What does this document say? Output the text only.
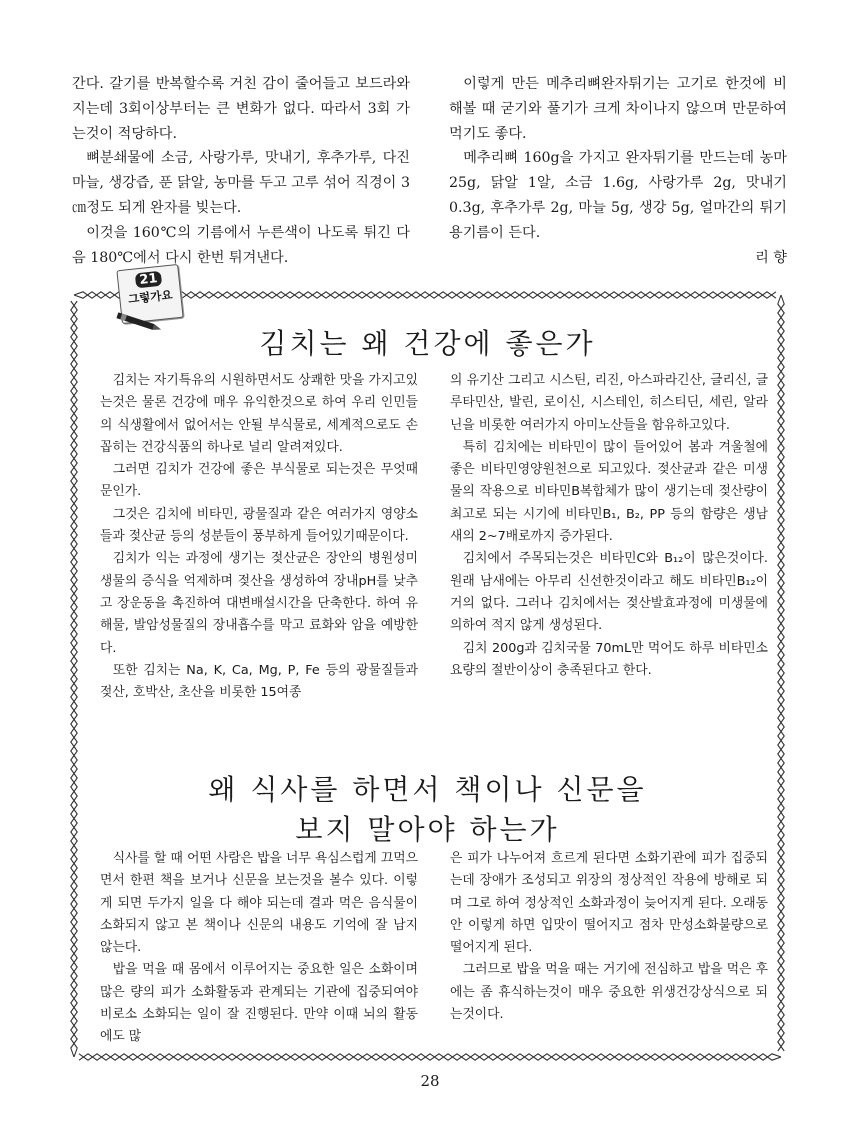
간다. 갈기를 반복할수록 거친 감이 줄어들고 보드라와지는데 3회이상부터는 큰 변화가 없다. 따라서 3회 가는것이 적당하다.

뼈분쇄물에 소금, 사랑가루, 맛내기, 후추가루, 다진 마늘, 생강즙, 푼 닭알, 농마를 두고 고루 섞어 직경이 3㎝정도 되게 완자를 빚는다.

이것을 160℃의 기름에서 누른색이 나도록 튀긴 다음 180℃에서 다시 한번 튀겨낸다.

이렇게 만든 메추리뼈완자튀기는 고기로 한것에 비해볼 때 굳기와 풀기가 크게 차이나지 않으며 만문하여 먹기도 좋다.

메추리뼈 160g을 가지고 완자튀기를 만드는데 농마 25g, 닭알 1알, 소금 1.6g, 사랑가루 2g, 맛내기 0.3g, 후추가루 2g, 마늘 5g, 생강 5g, 얼마간의 튀기용기름이 든다.

리 향

21
그렇가요
김치는 왜 건강에 좋은가

김치는 자기특유의 시원하면서도 상쾌한 맛을 가지고있는것은 물론 건강에 매우 유익한것으로 하여 우리 인민들의 식생활에서 없어서는 안될 부식물로, 세계적으로도 손꼽히는 건강식품의 하나로 널리 알려져있다.

그러면 김치가 건강에 좋은 부식물로 되는것은 무엇때문인가.

그것은 김치에 비타민, 광물질과 같은 여러가지 영양소들과 젖산균 등의 성분들이 풍부하게 들어있기때문이다.

김치가 익는 과정에 생기는 젖산균은 장안의 병원성미생물의 증식을 억제하며 젖산을 생성하여 장내pH를 낮추고 장운동을 촉진하여 대변배설시간을 단축한다. 하여 유해물, 발암성물질의 장내흡수를 막고 료화와 암을 예방한다.

또한 김치는 Na, K, Ca, Mg, P, Fe 등의 광물질들과 젖산, 호박산, 초산을 비롯한 15여종

의 유기산 그리고 시스틴, 리진, 아스파라긴산, 글리신, 글루타민산, 발린, 로이신, 시스테인, 히스티딘, 세린, 알라닌을 비롯한 여러가지 아미노산들을 함유하고있다.

특히 김치에는 비타민이 많이 들어있어 봄과 겨울철에 좋은 비타민영양원천으로 되고있다. 젖산균과 같은 미생물의 작용으로 비타민B복합체가 많이 생기는데 젖산량이 최고로 되는 시기에 비타민B₁, B₂, PP 등의 함량은 생남새의 2~7배로까지 증가된다.

김치에서 주목되는것은 비타민C와 B₁₂이 많은것이다. 원래 남새에는 아무리 신선한것이라고 해도 비타민B₁₂이 거의 없다. 그러나 김치에서는 젖산발효과정에 미생물에 의하여 적지 않게 생성된다.

김치 200g과 김치국물 70mL만 먹어도 하루 비타민소요량의 절반이상이 충족된다고 한다.

왜 식사를 하면서 책이나 신문을
보지 말아야 하는가

식사를 할 때 어떤 사람은 밥을 너무 욕심스럽게 끄먹으면서 한편 책을 보거나 신문을 보는것을 볼수 있다. 이렇게 되면 두가지 일을 다 해야 되는데 결과 먹은 음식물이 소화되지 않고 본 책이나 신문의 내용도 기억에 잘 남지 않는다.

밥을 먹을 때 몸에서 이루어지는 중요한 일은 소화이며 많은 량의 피가 소화활동과 관계되는 기관에 집중되여야 비로소 소화되는 일이 잘 진행된다. 만약 이때 뇌의 활동에도 많

은 피가 나누어져 흐르게 된다면 소화기관에 피가 집중되는데 장애가 조성되고 위장의 정상적인 작용에 방해로 되며 그로 하여 정상적인 소화과정이 늦어지게 된다. 오래동안 이렇게 하면 입맛이 떨어지고 점차 만성소화불량으로 떨어지게 된다.

그러므로 밥을 먹을 때는 거기에 전심하고 밥을 먹은 후에는 좀 휴식하는것이 매우 중요한 위생건강상식으로 되는것이다.

28
